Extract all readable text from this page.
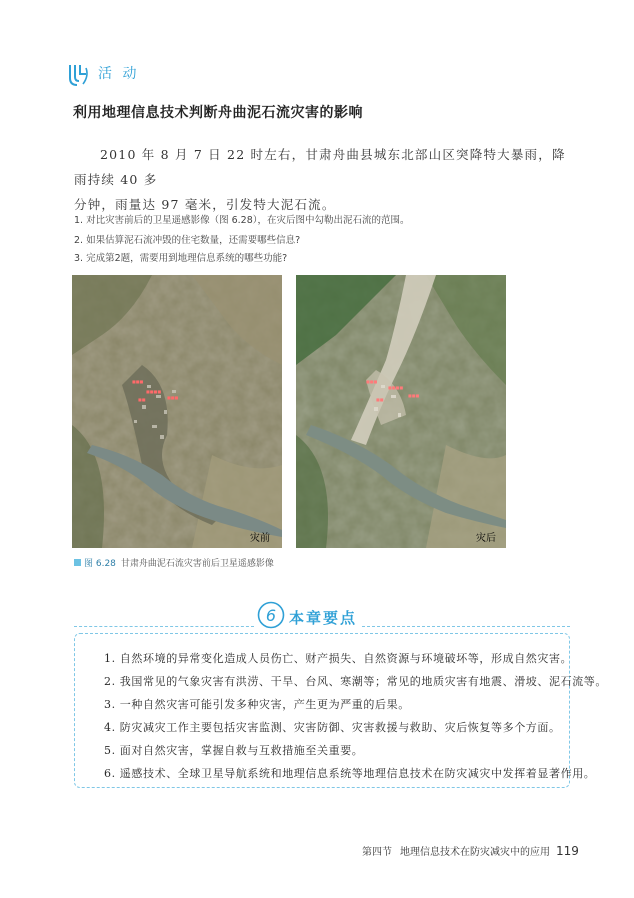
活 动
利用地理信息技术判断舟曲泥石流灾害的影响
2010 年 8 月 7 日 22 时左右，甘肃舟曲县城东北部山区突降特大暴雨，降雨持续 40 多
分钟，雨量达 97 毫米，引发特大泥石流。
1. 对比灾害前后的卫星遥感影像（图 6.28），在灾后图中勾勒出泥石流的范围。
2. 如果估算泥石流冲毁的住宅数量，还需要哪些信息?
3. 完成第2题，需要用到地理信息系统的哪些功能?
■■■
■■■■
■■■
■■
灾前
■■■
■■■■
■■■
■■
灾后
图 6.28 甘肃舟曲泥石流灾害前后卫星遥感影像
6 本章要点
1. 自然环境的异常变化造成人员伤亡、财产损失、自然资源与环境破坏等，形成自然灾害。
2. 我国常见的气象灾害有洪涝、干旱、台风、寒潮等；常见的地质灾害有地震、滑坡、泥石流等。
3. 一种自然灾害可能引发多种灾害，产生更为严重的后果。
4. 防灾减灾工作主要包括灾害监测、灾害防御、灾害救援与救助、灾后恢复等多个方面。
5. 面对自然灾害，掌握自救与互救措施至关重要。
6. 遥感技术、全球卫星导航系统和地理信息系统等地理信息技术在防灾减灾中发挥着显著作用。
第四节 地理信息技术在防灾减灾中的应用 119
